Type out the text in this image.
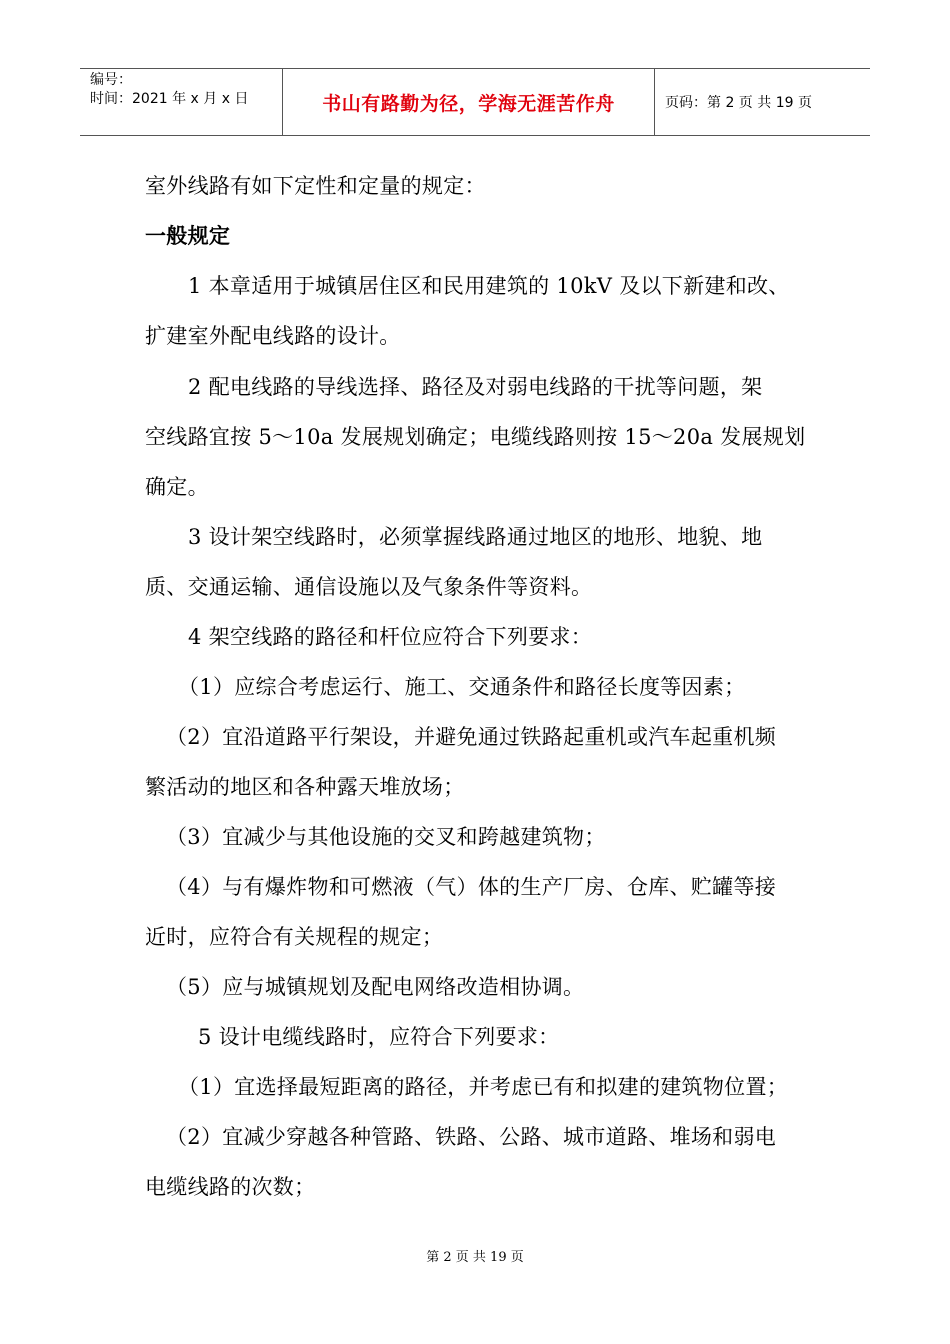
编号：
时间：2021 年 x 月 x 日	书山有路勤为径，学海无涯苦作舟	页码：第 2 页 共 19 页
室外线路有如下定性和定量的规定：
一般规定
1 本章适用于城镇居住区和民用建筑的 10kV 及以下新建和改、
扩建室外配电线路的设计。
2 配电线路的导线选择、路径及对弱电线路的干扰等问题，架
空线路宜按 5～10a 发展规划确定；电缆线路则按 15～20a 发展规划
确定。
3 设计架空线路时，必须掌握线路通过地区的地形、地貌、地
质、交通运输、通信设施以及气象条件等资料。
4 架空线路的路径和杆位应符合下列要求：
（1）应综合考虑运行、施工、交通条件和路径长度等因素；
（2）宜沿道路平行架设，并避免通过铁路起重机或汽车起重机频
繁活动的地区和各种露天堆放场；
（3）宜减少与其他设施的交叉和跨越建筑物；
（4）与有爆炸物和可燃液（气）体的生产厂房、仓库、贮罐等接
近时，应符合有关规程的规定；
（5）应与城镇规划及配电网络改造相协调。
5 设计电缆线路时，应符合下列要求：
（1）宜选择最短距离的路径，并考虑已有和拟建的建筑物位置；
（2）宜减少穿越各种管路、铁路、公路、城市道路、堆场和弱电
电缆线路的次数；
第 2 页 共 19 页
